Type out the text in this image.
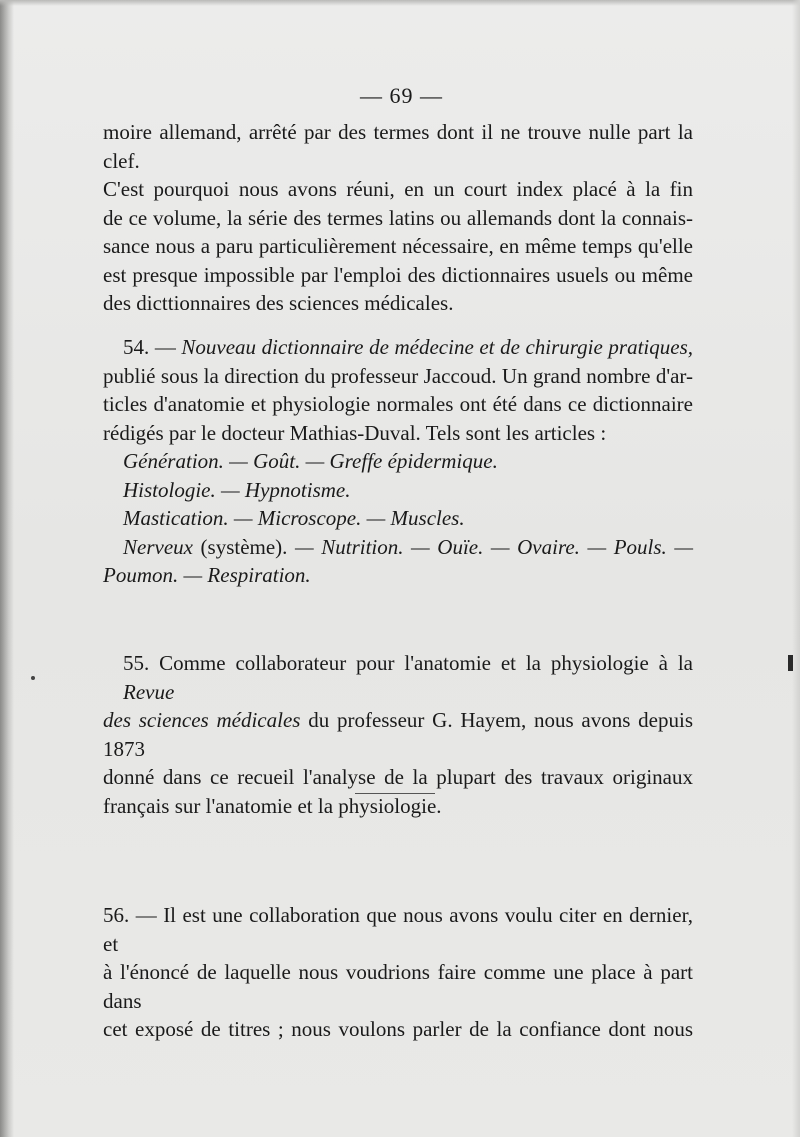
— 69 —

moire allemand, arrêté par des termes dont il ne trouve nulle part la clef.

C'est pourquoi nous avons réuni, en un court index placé à la fin

de ce volume, la série des termes latins ou allemands dont la connais-

sance nous a paru particulièrement nécessaire, en même temps qu'elle

est presque impossible par l'emploi des dictionnaires usuels ou même

des dicttionnaires des sciences médicales.

54. — Nouveau dictionnaire de médecine et de chirurgie pratiques,

publié sous la direction du professeur Jaccoud. Un grand nombre d'ar-

ticles d'anatomie et physiologie normales ont été dans ce dictionnaire

rédigés par le docteur Mathias-Duval. Tels sont les articles :

Génération. — Goût. — Greffe épidermique.

Histologie. — Hypnotisme.

Mastication. — Microscope. — Muscles.

Nerveux (système). — Nutrition. — Ouïe. — Ovaire. — Pouls. —

Poumon. — Respiration.

55. Comme collaborateur pour l'anatomie et la physiologie à la Revue

des sciences médicales du professeur G. Hayem, nous avons depuis 1873

donné dans ce recueil l'analyse de la plupart des travaux originaux

français sur l'anatomie et la physiologie.

56. — Il est une collaboration que nous avons voulu citer en dernier, et

à l'énoncé de laquelle nous voudrions faire comme une place à part dans

cet exposé de titres ; nous voulons parler de la confiance dont nous
